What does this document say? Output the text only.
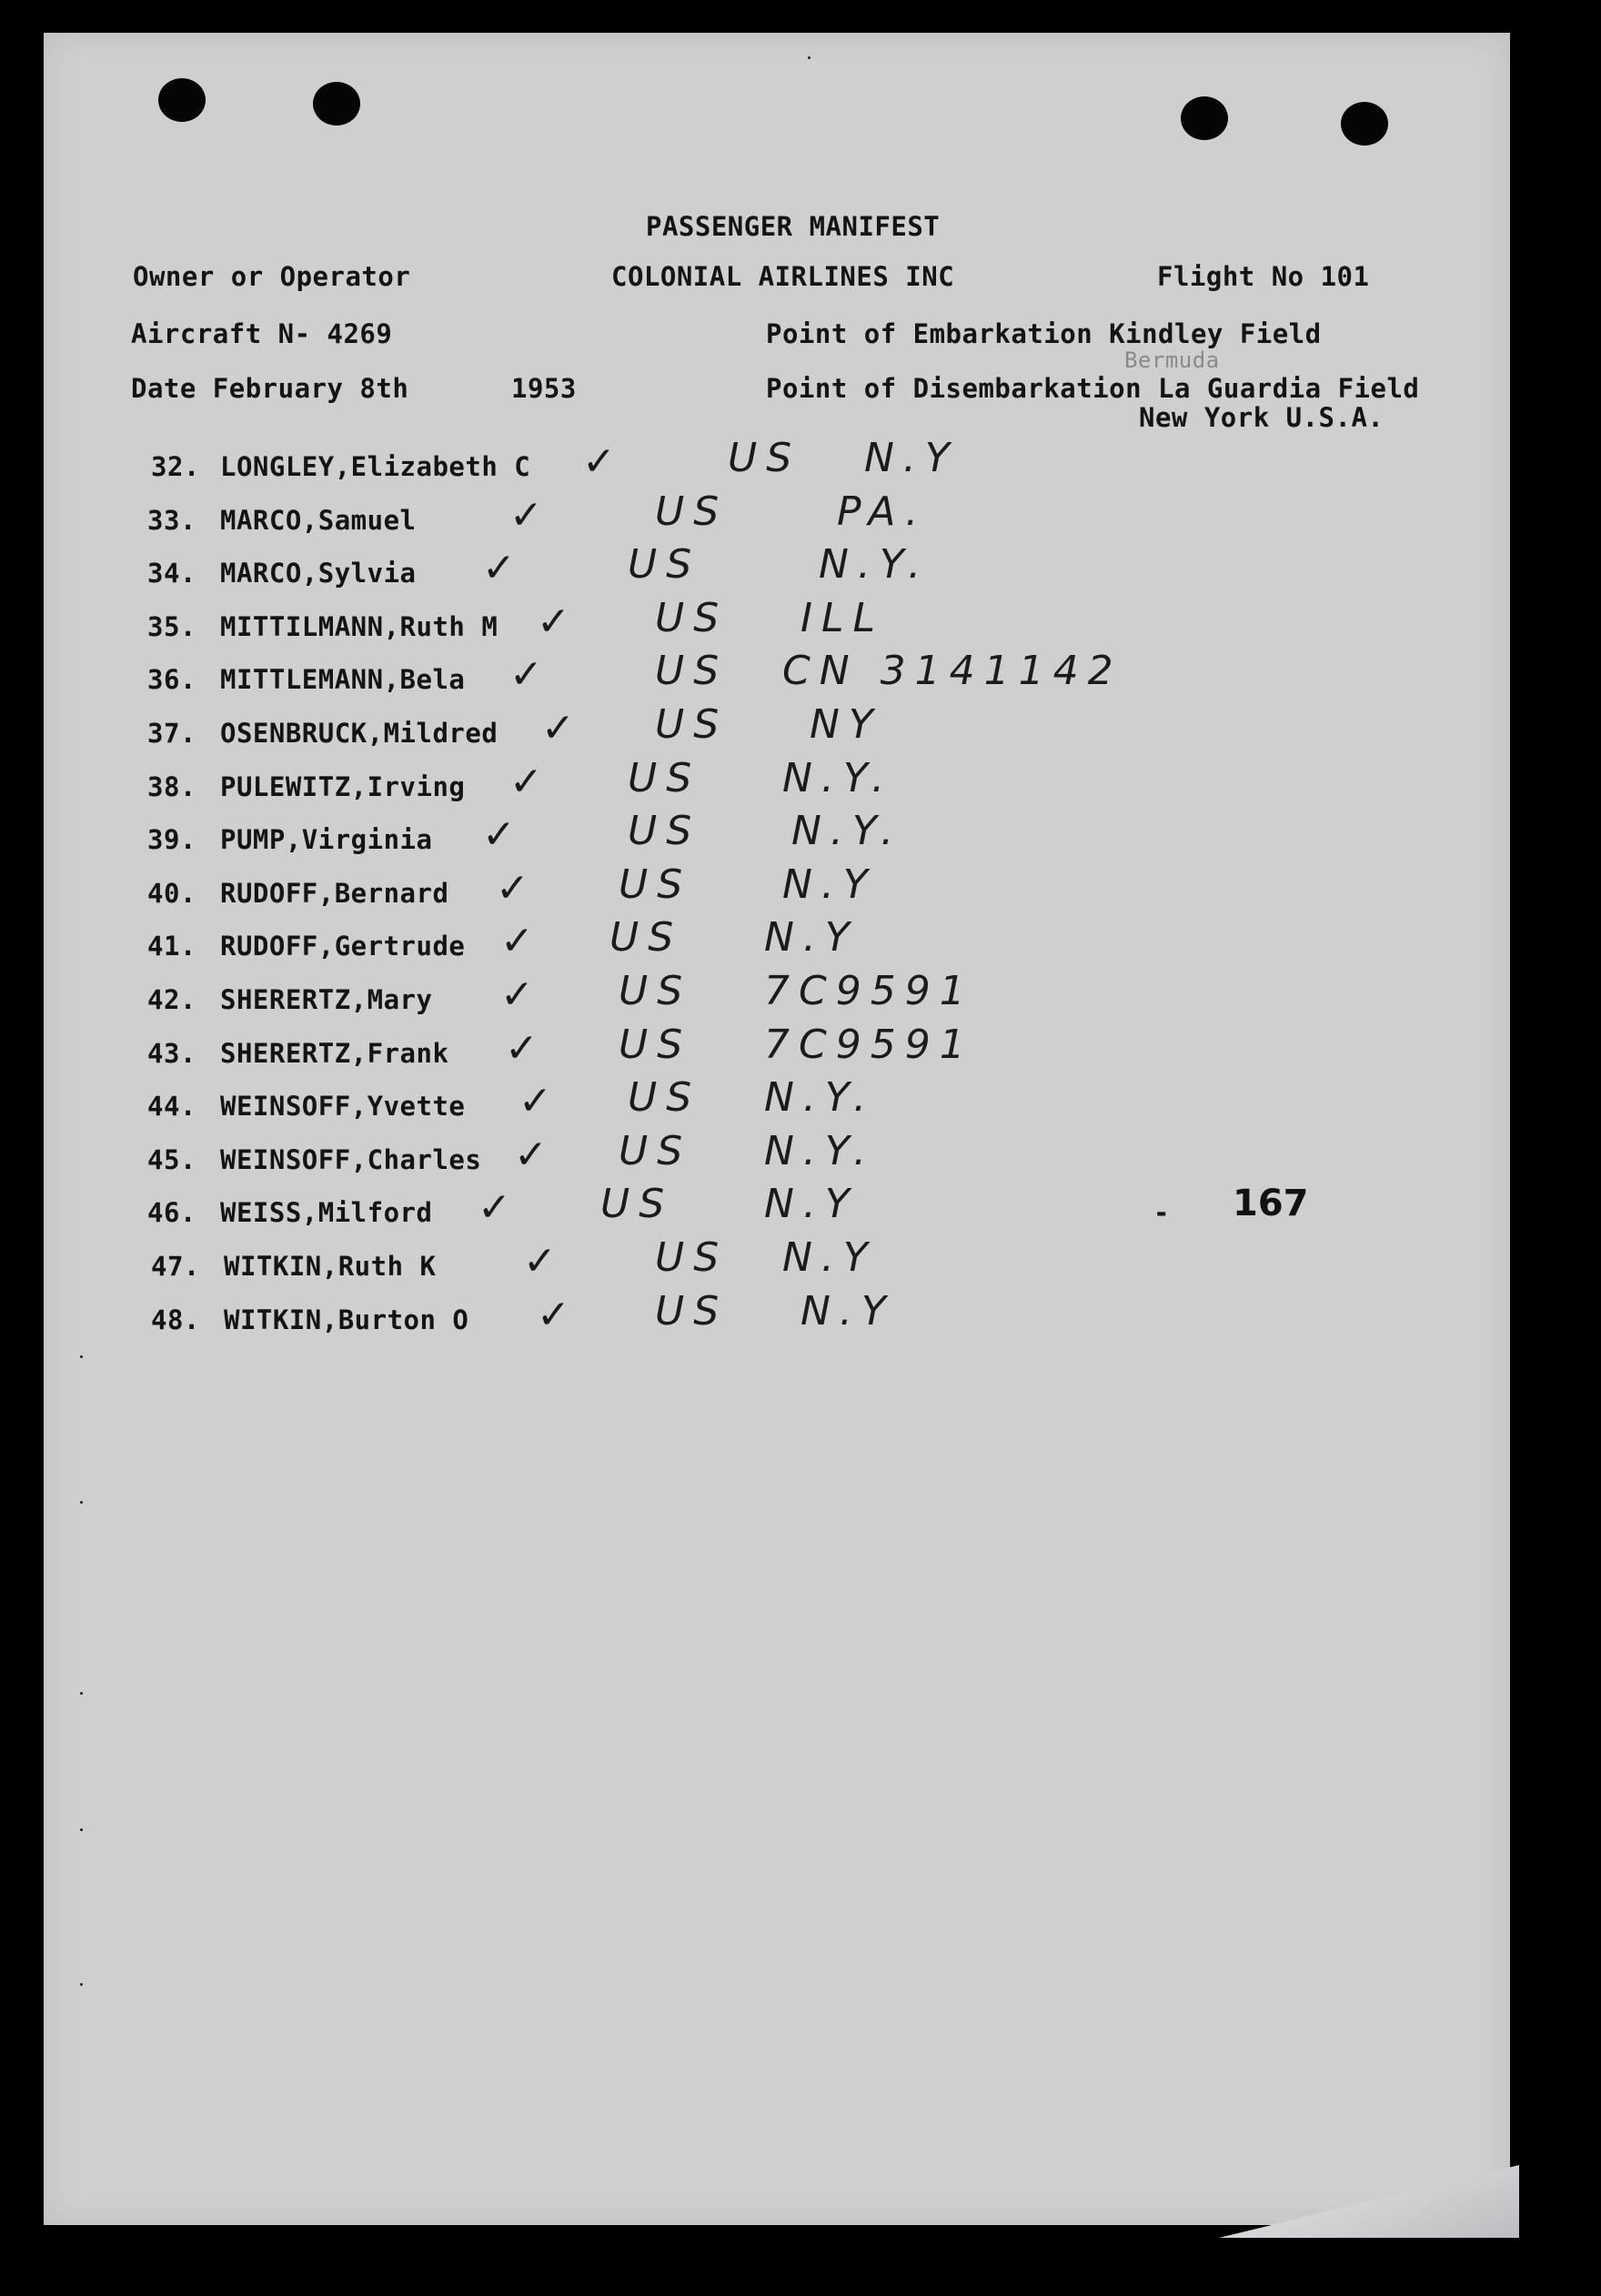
PASSENGER MANIFEST
Owner or Operator	COLONIAL AIRLINES INC	Flight No 101
Aircraft N- 4269	Point of Embarkation Kindley Field
Bermuda
Date February 8th	1953	Point of Disembarkation La Guardia Field
New York U.S.A.
32. LONGLEY,Elizabeth C ✓	US N.Y
33. MARCO,Samuel ✓	US	PA.
34. MARCO,Sylvia ✓	US	N.Y.
35. MITTILMANN,Ruth M ✓ US ILL
36. MITTLEMANN,Bela ✓	US CN 3141142
37. OSENBRUCK,Mildred ✓ US NY
38. PULEWITZ,Irving ✓ US N.Y.
39. PUMP,Virginia ✓	US N.Y.
40. RUDOFF,Bernard ✓ US N.Y
41. RUDOFF,Gertrude ✓ US N.Y
42. SHERERTZ,Mary ✓ US 7C9591
43. SHERERTZ,Frank ✓ US 7C9591
44. WEINSOFF,Yvette ✓ US N.Y.
45. WEINSOFF,Charles ✓ US N.Y.
46. WEISS,Milford ✓ US N.Y
47. WITKIN,Ruth K ✓ US N.Y
48. WITKIN,Burton O ✓ US N.Y
167
-
